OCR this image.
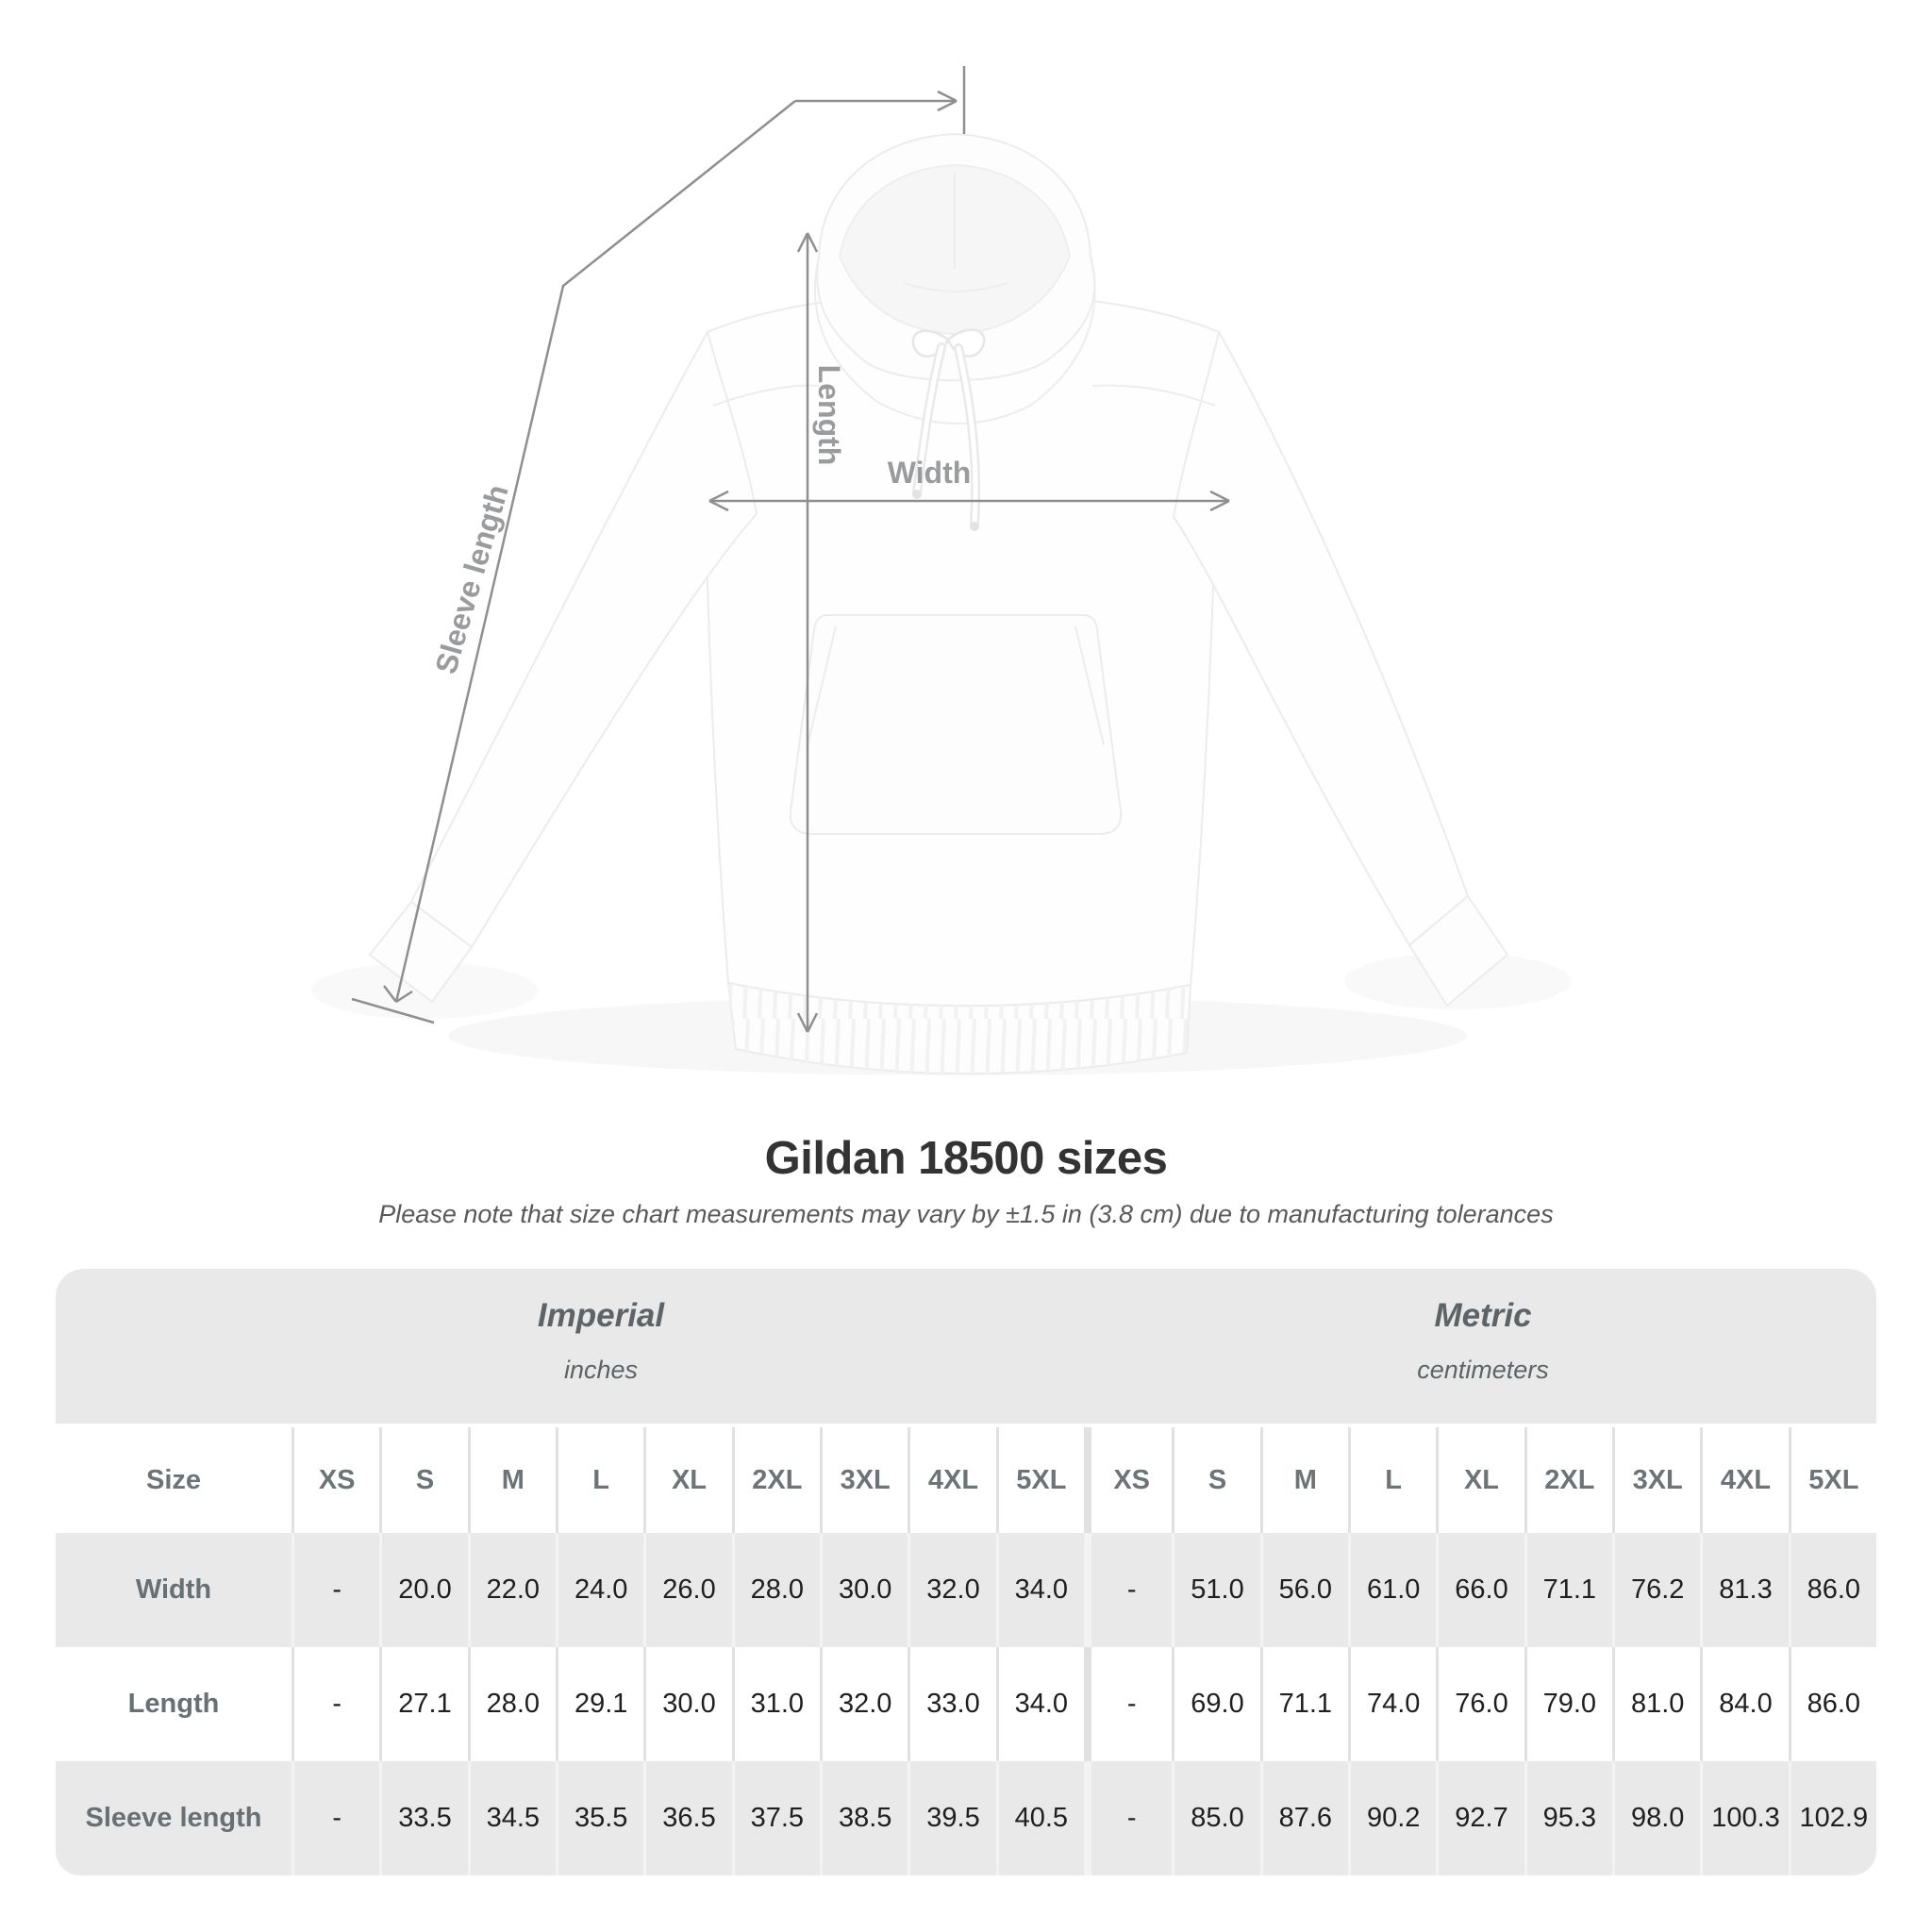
Width
Length
Sleeve length
Gildan 18500 sizes

Please note that size chart measurements may vary by ±1.5 in (3.8 cm) due to manufacturing tolerances

Imperial
inches
Metric
centimeters
Size	XS	S	M	L	XL	2XL	3XL	4XL	5XL	XS	S	M	L	XL	2XL	3XL	4XL	5XL
Width	-	20.0	22.0	24.0	26.0	28.0	30.0	32.0	34.0	-	51.0	56.0	61.0	66.0	71.1	76.2	81.3	86.0
Length	-	27.1	28.0	29.1	30.0	31.0	32.0	33.0	34.0	-	69.0	71.1	74.0	76.0	79.0	81.0	84.0	86.0
Sleeve length	-	33.5	34.5	35.5	36.5	37.5	38.5	39.5	40.5	-	85.0	87.6	90.2	92.7	95.3	98.0 100.3 102.9
